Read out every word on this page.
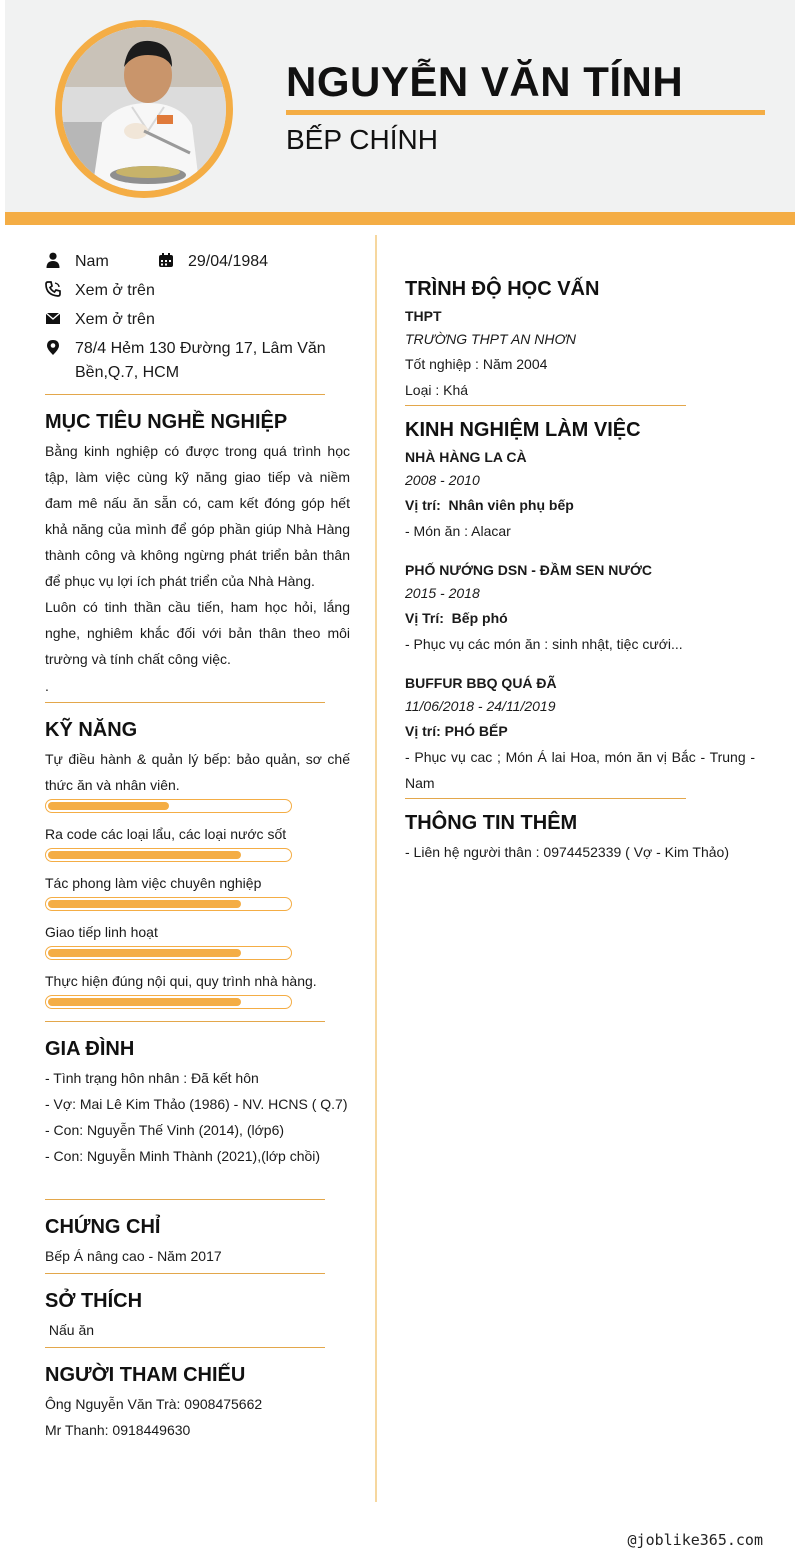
NGUYỄN VĂN TÍNH
BẾP CHÍNH
Nam	29/04/1984
Xem ở trên
Xem ở trên
78/4 Hẻm 130 Đường 17, Lâm Văn Bền,Q.7, HCM
MỤC TIÊU NGHỀ NGHIỆP
Bằng kinh nghiệp có được trong quá trình học tập, làm việc cùng kỹ năng giao tiếp và niềm đam mê nấu ăn sẵn có, cam kết đóng góp hết khả năng của mình để góp phần giúp Nhà Hàng thành công và không ngừng phát triển bản thân để phục vụ lợi ích phát triển của Nhà Hàng.
Luôn có tinh thần cầu tiến, ham học hỏi, lắng nghe, nghiêm khắc đối với bản thân theo môi trường và tính chất công việc.
.
KỸ NĂNG
Tự điều hành & quản lý bếp: bảo quản, sơ chế thức ăn và nhân viên.
Ra code các loại lẩu, các loại nước sốt
Tác phong làm việc chuyên nghiệp
Giao tiếp linh hoạt
Thực hiện đúng nội qui, quy trình nhà hàng.
GIA ĐÌNH
- Tình trạng hôn nhân : Đã kết hôn
- Vợ: Mai Lê Kim Thảo (1986) - NV. HCNS ( Q.7)
- Con: Nguyễn Thế Vinh (2014), (lớp6)
- Con: Nguyễn Minh Thành (2021),(lớp chồi)
CHỨNG CHỈ
Bếp Á nâng cao - Năm 2017
SỞ THÍCH
Nấu ăn
NGƯỜI THAM CHIẾU
Ông Nguyễn Văn Trà: 0908475662
Mr Thanh: 0918449630
TRÌNH ĐỘ HỌC VẤN
THPT
TRƯỜNG THPT AN NHƠN
Tốt nghiệp : Năm 2004
Loại : Khá
KINH NGHIỆM LÀM VIỆC
NHÀ HÀNG LA CÀ
2008 - 2010
Vị trí:  Nhân viên phụ bếp
- Món ăn : Alacar
PHỐ NƯỚNG DSN - ĐẦM SEN NƯỚC
2015 - 2018
Vị Trí:  Bếp phó
- Phục vụ các món ăn : sinh nhật, tiệc cưới...
BUFFUR BBQ QUÁ ĐÃ
11/06/2018 - 24/11/2019
Vị trí: PHÓ BẾP
- Phục vụ cac ; Món Á lai Hoa, món ăn vị Bắc - Trung - Nam
THÔNG TIN THÊM
- Liên hệ người thân : 0974452339 ( Vợ - Kim Thảo)
@joblike365.com
